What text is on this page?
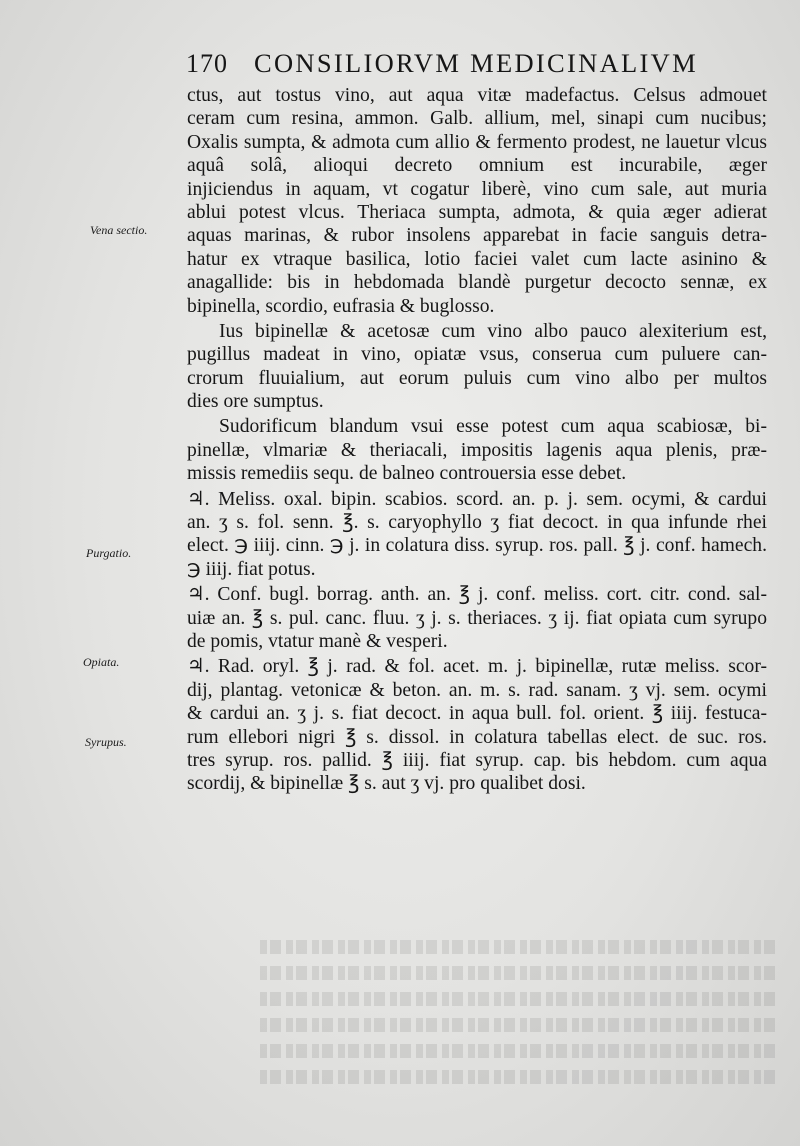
170 CONSILIORVM MEDICINALIVM
Vena sectio.
Purgatio.
Opiata.
Syrupus.
ctus, aut tostus vino, aut aqua vitæ madefactus. Celsus admouet
ceram cum resina, ammon. Galb. allium, mel, sinapi cum nucibus;
Oxalis sumpta, & admota cum allio & fermento prodest, ne lauetur vlcus aquâ solâ, alioqui decreto omnium est incurabile, æger
injiciendus in aquam, vt cogatur liberè, vino cum sale, aut muria
ablui potest vlcus. Theriaca sumpta, admota, & quia æger adierat
aquas marinas, & rubor insolens apparebat in facie sanguis detra-
hatur ex vtraque basilica, lotio faciei valet cum lacte asinino &
anagallide: bis in hebdomada blandè purgetur decocto sennæ, ex
bipinella, scordio, eufrasia & buglosso.
Ius bipinellæ & acetosæ cum vino albo pauco alexiterium est,
pugillus madeat in vino, opiatæ vsus, conserua cum puluere can-
crorum fluuialium, aut eorum puluis cum vino albo per multos
dies ore sumptus.
Sudorificum blandum vsui esse potest cum aqua scabiosæ, bi-
pinellæ, vlmariæ & theriacali, impositis lagenis aqua plenis, præ-
missis remediis sequ. de balneo controuersia esse debet.
♃. Meliss. oxal. bipin. scabios. scord. an. p. j. sem. ocymi, & cardui
an. ʒ s. fol. senn. ℥. s. caryophyllo ʒ fiat decoct. in qua infunde rhei
elect. ℈ iiij. cinn. ℈ j. in colatura diss. syrup. ros. pall. ℥ j. conf. hamech.
℈ iiij. fiat potus.
♃. Conf. bugl. borrag. anth. an. ℥ j. conf. meliss. cort. citr. cond. sal-
uiæ an. ℥ s. pul. canc. fluu. ʒ j. s. theriaces. ʒ ij. fiat opiata cum syrupo
de pomis, vtatur manè & vesperi.
♃. Rad. oryl. ℥ j. rad. & fol. acet. m. j. bipinellæ, rutæ meliss. scor-
dij, plantag. vetonicæ & beton. an. m. s. rad. sanam. ʒ vj. sem. ocymi
& cardui an. ʒ j. s. fiat decoct. in aqua bull. fol. orient. ℥ iiij. festuca-
rum ellebori nigri ℥ s. dissol. in colatura tabellas elect. de suc. ros.
tres syrup. ros. pallid. ℥ iiij. fiat syrup. cap. bis hebdom. cum aqua
scordij, & bipinellæ ℥ s. aut ʒ vj. pro qualibet dosi.
